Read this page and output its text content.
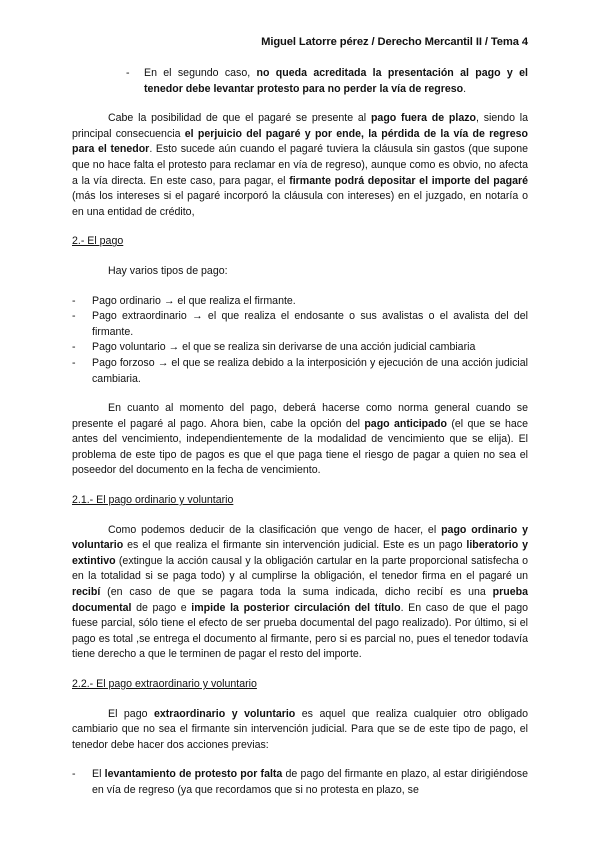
Miguel Latorre pérez / Derecho Mercantil II / Tema 4
- En el segundo caso, no queda acreditada la presentación al pago y el tenedor debe levantar protesto para no perder la vía de regreso.

Cabe la posibilidad de que el pagaré se presente al pago fuera de plazo, siendo la principal consecuencia el perjuicio del pagaré y por ende, la pérdida de la vía de regreso para el tenedor. Esto sucede aún cuando el pagaré tuviera la cláusula sin gastos (que supone que no hace falta el protesto para reclamar en vía de regreso), aunque como es obvio, no afecta a la vía directa. En este caso, para pagar, el firmante podrá depositar el importe del pagaré (más los intereses si el pagaré incorporó la cláusula con intereses) en el juzgado, en notaría o en una entidad de crédito,

2.- El pago
Hay varios tipos de pago:
- Pago ordinario → el que realiza el firmante.
- Pago extraordinario → el que realiza el endosante o sus avalistas o el avalista del del firmante.
- Pago voluntario → el que se realiza sin derivarse de una acción judicial cambiaria
- Pago forzoso → el que se realiza debido a la interposición y ejecución de una acción judicial cambiaria.

En cuanto al momento del pago, deberá hacerse como norma general cuando se presente el pagaré al pago. Ahora bien, cabe la opción del pago anticipado (el que se hace antes del vencimiento, independientemente de la modalidad de vencimiento que se elija). El problema de este tipo de pagos es que el que paga tiene el riesgo de pagar a quien no sea el poseedor del documento en la fecha de vencimiento.

2.1.- El pago ordinario y voluntario

Como podemos deducir de la clasificación que vengo de hacer, el pago ordinario y voluntario es el que realiza el firmante sin intervención judicial. Este es un pago liberatorio y extintivo (extingue la acción causal y la obligación cartular en la parte proporcional satisfecha o en la totalidad si se paga todo) y al cumplirse la obligación, el tenedor firma en el pagaré un recibí (en caso de que se pagara toda la suma indicada, dicho recibí es una prueba documental de pago e impide la posterior circulación del título. En caso de que el pago fuese parcial, sólo tiene el efecto de ser prueba documental del pago realizado). Por último, si el pago es total ,se entrega el documento al firmante, pero si es parcial no, pues el tenedor todavía tiene derecho a que le terminen de pagar el resto del importe.

2.2.- El pago extraordinario y voluntario

El pago extraordinario y voluntario es aquel que realiza cualquier otro obligado cambiario que no sea el firmante sin intervención judicial. Para que se de este tipo de pago, el tenedor debe hacer dos acciones previas:

- El levantamiento de protesto por falta de pago del firmante en plazo, al estar dirigiéndose en vía de regreso (ya que recordamos que si no protesta en plazo, se
